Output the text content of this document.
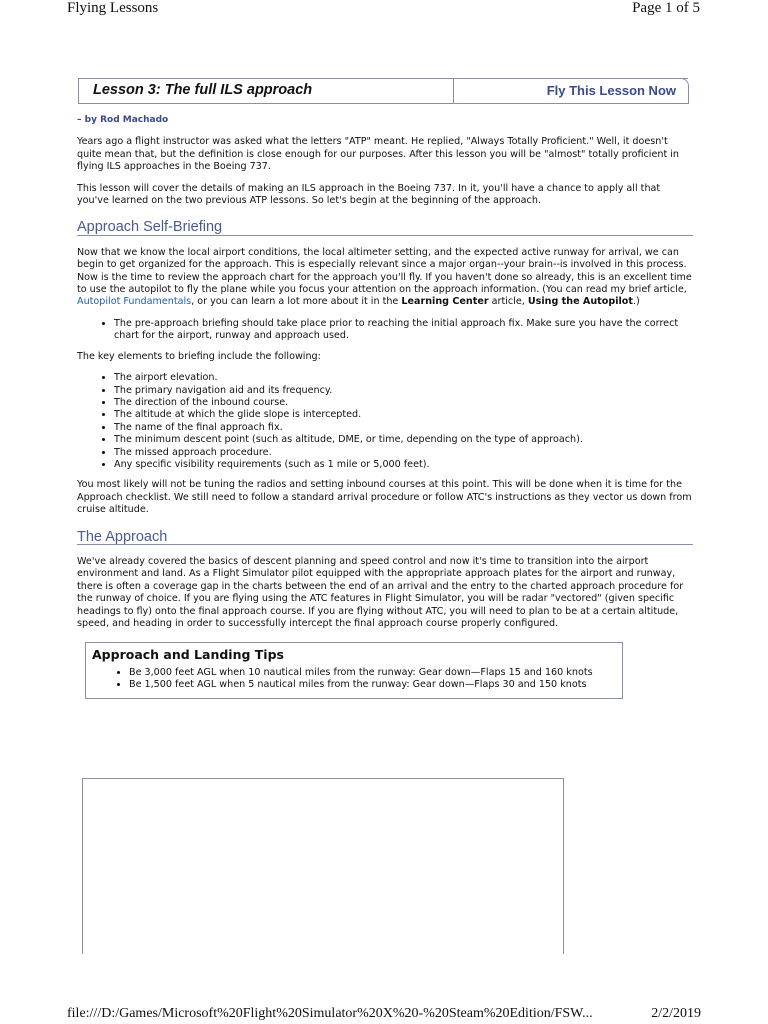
Flying Lessons	Page 1 of 5
Lesson 3: The full ILS approach	Fly This Lesson Now
– by Rod Machado

Years ago a flight instructor was asked what the letters "ATP" meant. He replied, "Always Totally Proficient." Well, it doesn't quite mean that, but the definition is close enough for our purposes. After this lesson you will be "almost" totally proficient in flying ILS approaches in the Boeing 737.

This lesson will cover the details of making an ILS approach in the Boeing 737. In it, you'll have a chance to apply all that you've learned on the two previous ATP lessons. So let's begin at the beginning of the approach.

Approach Self-Briefing

Now that we know the local airport conditions, the local altimeter setting, and the expected active runway for arrival, we can begin to get organized for the approach. This is especially relevant since a major organ--your brain--is involved in this process. Now is the time to review the approach chart for the approach you'll fly. If you haven't done so already, this is an excellent time to use the autopilot to fly the plane while you focus your attention on the approach information. (You can read my brief article, Autopilot Fundamentals, or you can learn a lot more about it in the Learning Center article, Using the Autopilot.)

• The pre-approach briefing should take place prior to reaching the initial approach fix. Make sure you have the correct chart for the airport, runway and approach used.

The key elements to briefing include the following:

• The airport elevation.
• The primary navigation aid and its frequency.
• The direction of the inbound course.
• The altitude at which the glide slope is intercepted.
• The name of the final approach fix.
• The minimum descent point (such as altitude, DME, or time, depending on the type of approach).
• The missed approach procedure.
• Any specific visibility requirements (such as 1 mile or 5,000 feet).

You most likely will not be tuning the radios and setting inbound courses at this point. This will be done when it is time for the Approach checklist. We still need to follow a standard arrival procedure or follow ATC's instructions as they vector us down from cruise altitude.

The Approach

We've already covered the basics of descent planning and speed control and now it's time to transition into the airport environment and land. As a Flight Simulator pilot equipped with the appropriate approach plates for the airport and runway, there is often a coverage gap in the charts between the end of an arrival and the entry to the charted approach procedure for the runway of choice. If you are flying using the ATC features in Flight Simulator, you will be radar "vectored" (given specific headings to fly) onto the final approach course. If you are flying without ATC, you will need to plan to be at a certain altitude, speed, and heading in order to successfully intercept the final approach course properly configured.

Approach and Landing Tips
• Be 3,000 feet AGL when 10 nautical miles from the runway: Gear down—Flaps 15 and 160 knots
• Be 1,500 feet AGL when 5 nautical miles from the runway: Gear down—Flaps 30 and 150 knots
file:///D:/Games/Microsoft%20Flight%20Simulator%20X%20-%20Steam%20Edition/FSW...	2/2/2019
